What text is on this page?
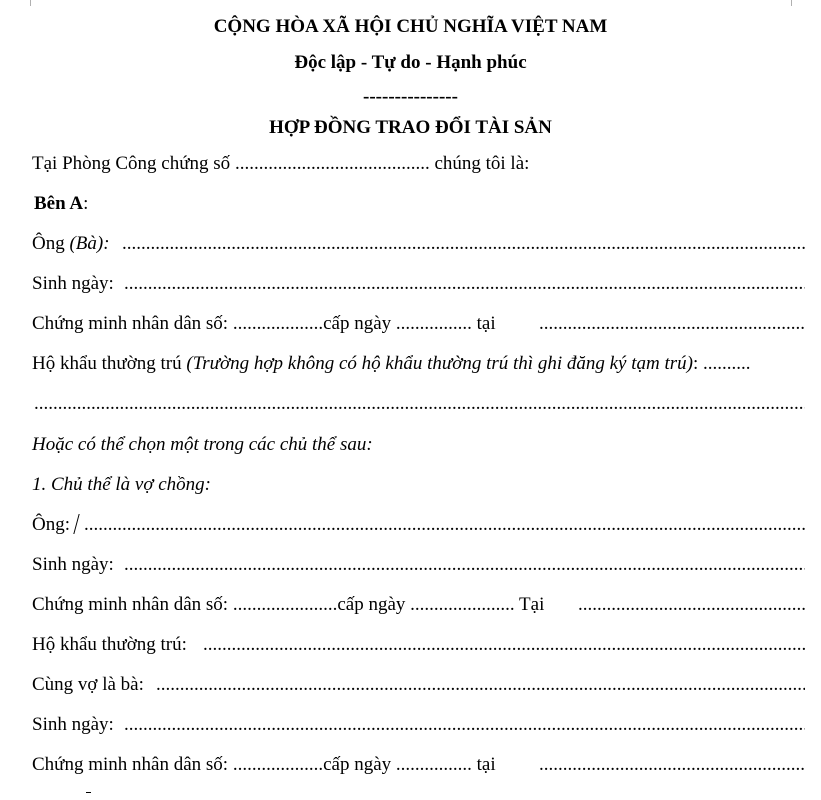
CỘNG HÒA XÃ HỘI CHỦ NGHĨA VIỆT NAM
Độc lập - Tự do - Hạnh phúc
---------------
HỢP ĐỒNG TRAO ĐỔI TÀI SẢN
Tại Phòng Công chứng số ......................................... chúng tôi là:
Bên A:
Ông (Bà):
.....
Sinh ngày:
.....
Chứng minh nhân dân số: ...................cấp ngày ................ tại
.....
Hộ khẩu thường trú (Trường hợp không có hộ khẩu thường trú thì ghi đăng ký tạm trú): ..........
.....
Hoặc có thể chọn một trong các chủ thể sau:
1. Chủ thể là vợ chồng:
Ông:
.....
Sinh ngày:
.....
Chứng minh nhân dân số: ......................cấp ngày ...................... Tại
.....
Hộ khẩu thường trú:
.....
Cùng vợ là bà:
.....
Sinh ngày:
.....
Chứng minh nhân dân số: ...................cấp ngày ................ tại
.....
